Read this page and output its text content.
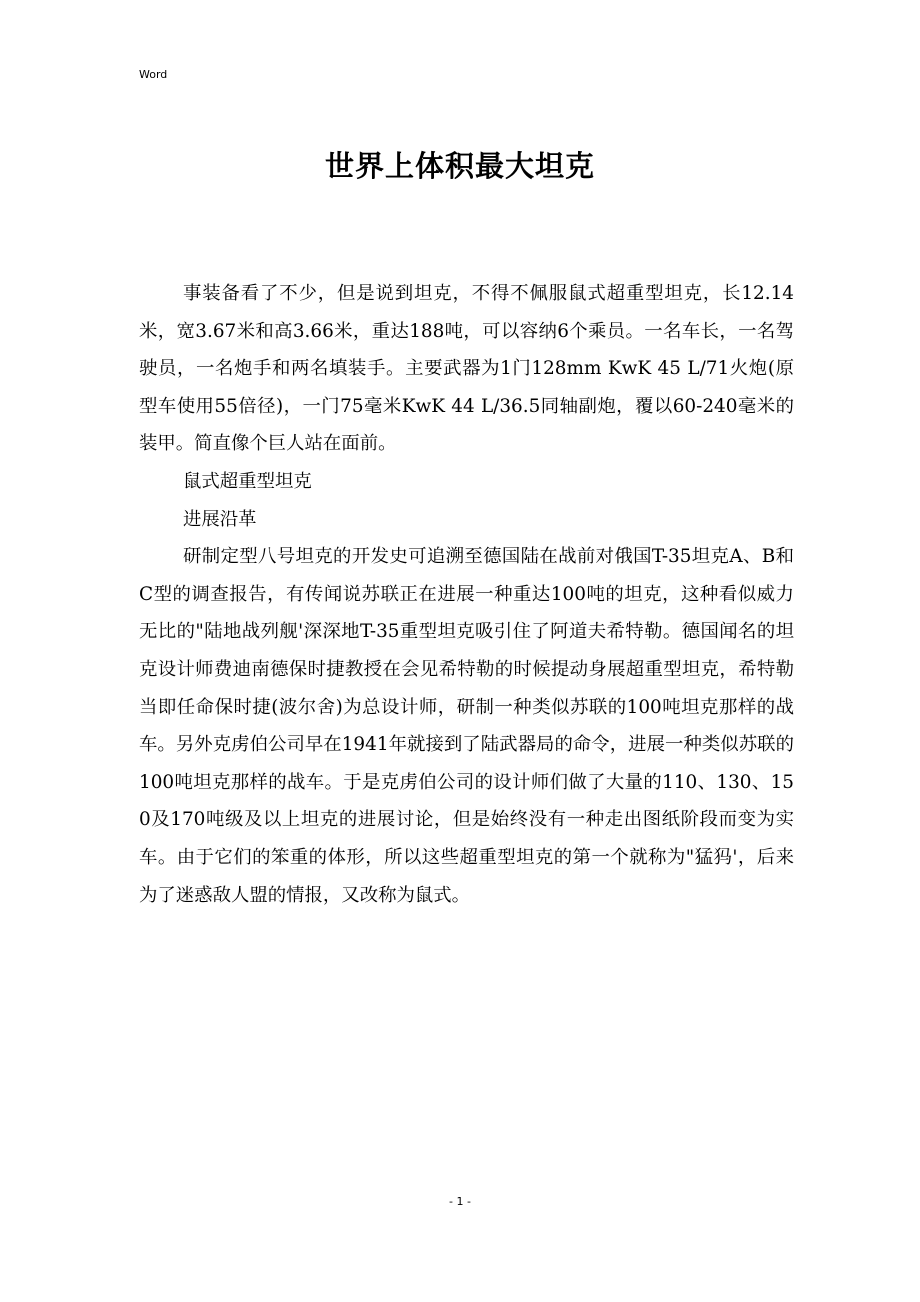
Word

世界上体积最大坦克

事装备看了不少，但是说到坦克，不得不佩服鼠式超重型坦克，长12.14米，宽3.67米和高3.66米，重达188吨，可以容纳6个乘员。一名车长，一名驾驶员，一名炮手和两名填装手。主要武器为1门128mm KwK 45 L/71火炮(原型车使用55倍径)，一门75毫米KwK 44 L/36.5同轴副炮，覆以60-240毫米的装甲。简直像个巨人站在面前。

鼠式超重型坦克

进展沿革

研制定型八号坦克的开发史可追溯至德国陆在战前对俄国T-35坦克A、B和C型的调查报告，有传闻说苏联正在进展一种重达100吨的坦克，这种看似威力无比的"陆地战列舰'深深地T-35重型坦克吸引住了阿道夫希特勒。德国闻名的坦克设计师费迪南德保时捷教授在会见希特勒的时候提动身展超重型坦克，希特勒当即任命保时捷(波尔舍)为总设计师，研制一种类似苏联的100吨坦克那样的战车。另外克虏伯公司早在1941年就接到了陆武器局的命令，进展一种类似苏联的100吨坦克那样的战车。于是克虏伯公司的设计师们做了大量的110、130、150及170吨级及以上坦克的进展讨论，但是始终没有一种走出图纸阶段而变为实车。由于它们的笨重的体形，所以这些超重型坦克的第一个就称为"猛犸'，后来为了迷惑敌人盟的情报，又改称为鼠式。

- 1 -
